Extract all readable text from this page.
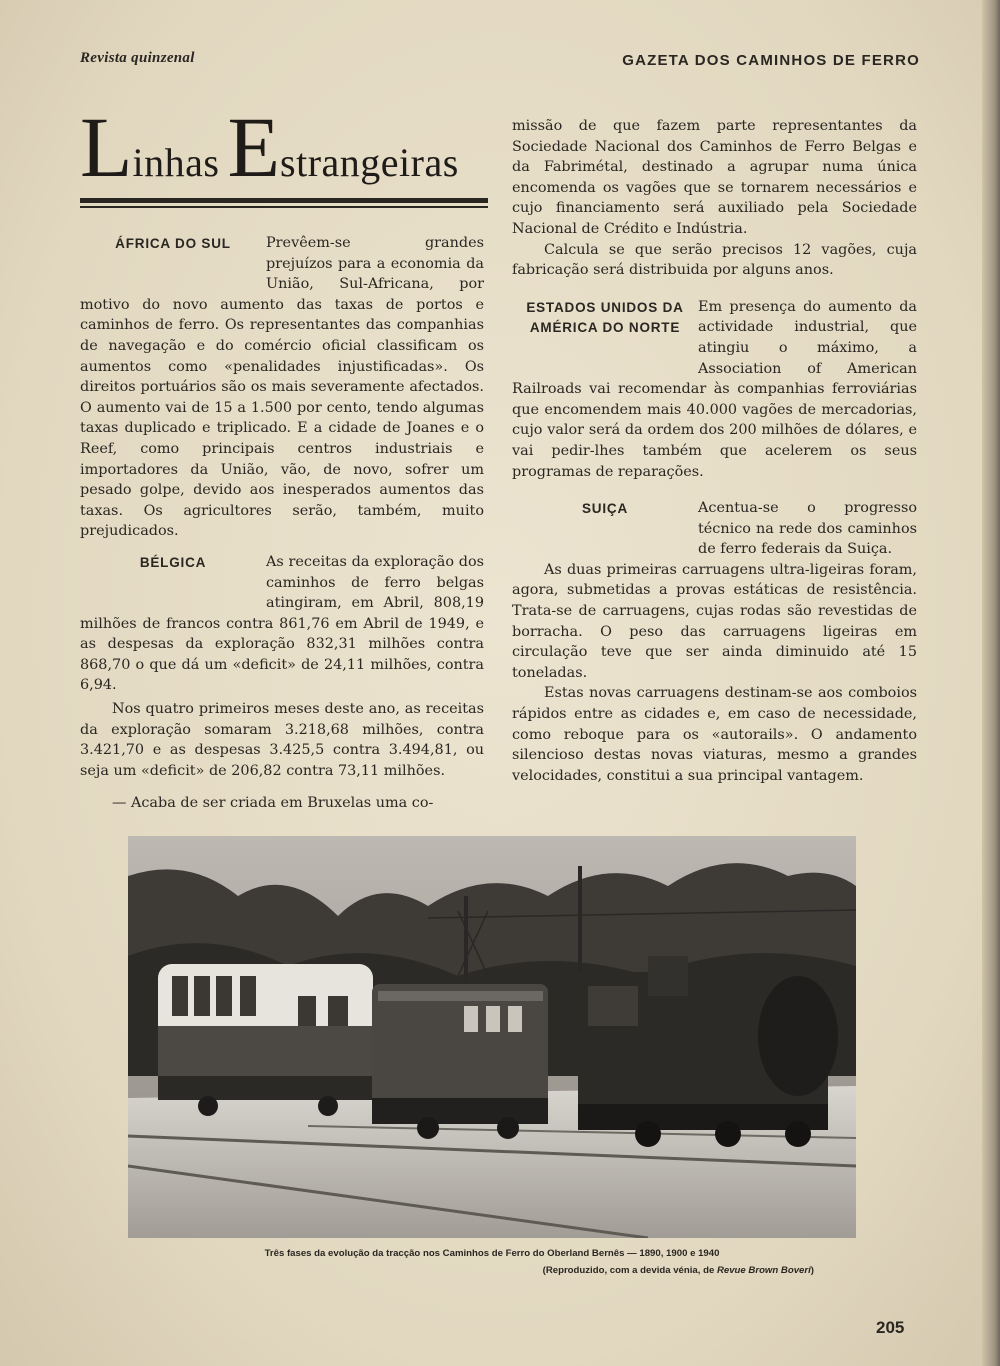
Revista quinzenal	GAZETA DOS CAMINHOS DE FERRO
Linhas Estrangeiras
ÁFRICA DO SUL	Prevêem-se grandes prejuízos para a economia da União, Sul-Africana, por motivo do novo aumento das taxas de portos e caminhos de ferro. Os representantes das companhias de navegação e do comércio oficial classificam os aumentos como «penalidades injustificadas». Os direitos portuários são os mais severamente afectados. O aumento vai de 15 a 1.500 por cento, tendo algumas taxas duplicado e triplicado. E a cidade de Joanes e o Reef, como principais centros industriais e importadores da União, vão, de novo, sofrer um pesado golpe, devido aos inesperados aumentos das taxas. Os agricultores serão, também, muito prejudicados.

BÉLGICA	As receitas da exploração dos caminhos de ferro belgas atingiram, em Abril, 808,19 milhões de francos contra 861,76 em Abril de 1949, e as despesas da exploração 832,31 milhões contra 868,70 o que dá um «deficit» de 24,11 milhões, contra 6,94.

Nos quatro primeiros meses deste ano, as receitas da exploração somaram 3.218,68 milhões, contra 3.421,70 e as despesas 3.425,5 contra 3.494,81, ou seja um «deficit» de 206,82 contra 73,11 milhões.

— Acaba de ser criada em Bruxelas uma co-

missão de que fazem parte representantes da Sociedade Nacional dos Caminhos de Ferro Belgas e da Fabrimétal, destinado a agrupar numa única encomenda os vagões que se tornarem necessários e cujo financiamento será auxiliado pela Sociedade Nacional de Crédito e Indústria.

Calcula se que serão precisos 12 vagões, cuja fabricação será distribuida por alguns anos.

ESTADOS UNIDOS DA
AMÉRICA DO NORTE

Em presença do aumento da actividade industrial, que atingiu o máximo, a Association of American Railroads vai recomendar às companhias ferroviárias que encomendem mais 40.000 vagões de mercadorias, cujo valor será da ordem dos 200 milhões de dólares, e vai pedir-lhes também que acelerem os seus programas de reparações.

SUIÇA	Acentua-se o progresso técnico na rede dos caminhos de ferro federais da Suiça.

As duas primeiras carruagens ultra-ligeiras foram, agora, submetidas a provas estáticas de resistência. Trata-se de carruagens, cujas rodas são revestidas de borracha. O peso das carruagens ligeiras em circulação teve que ser ainda diminuido até 15 toneladas.

Estas novas carruagens destinam-se aos comboios rápidos entre as cidades e, em caso de necessidade, como reboque para os «autorails». O andamento silencioso destas novas viaturas, mesmo a grandes velocidades, constitui a sua principal vantagem.

Três fases da evolução da tracção nos Caminhos de Ferro do Oberland Bernês — 1890, 1900 e 1940
(Reproduzido, com a devida vénia, de Revue Brown Boveri)
205
